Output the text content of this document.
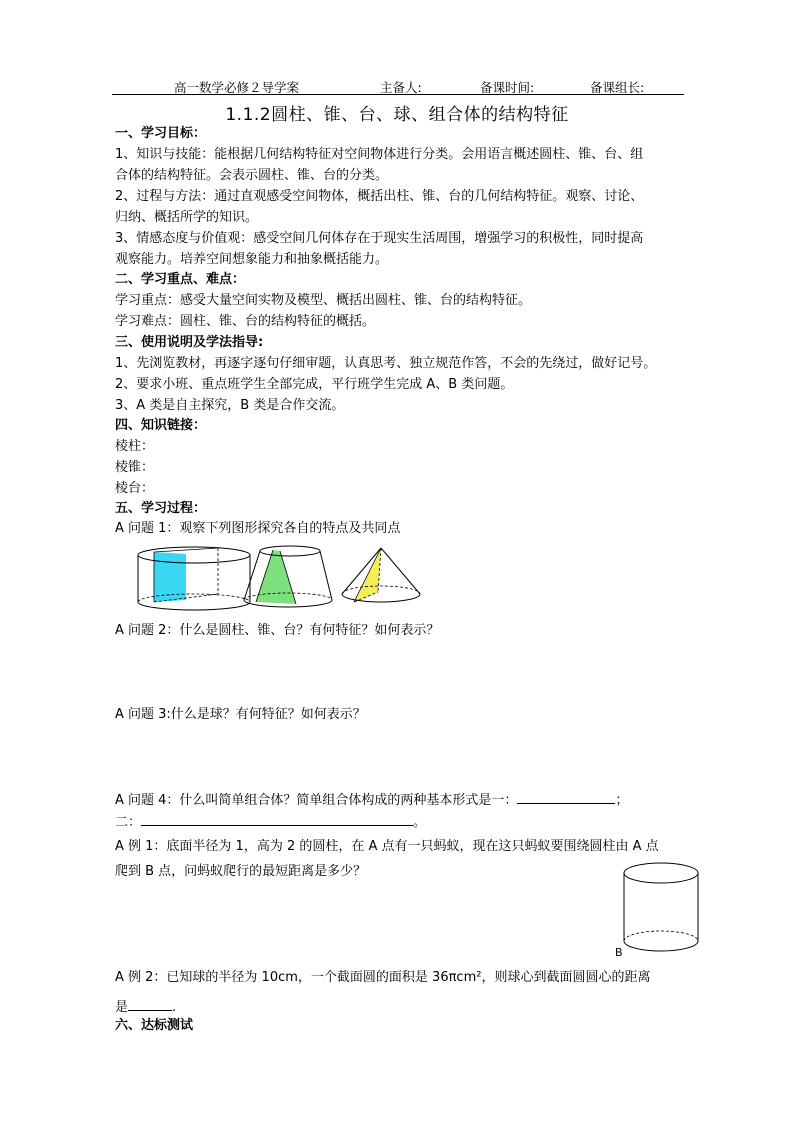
高一数学必修２导学案	主备人:	备课时间:	备课组长:
1.1.2圆柱、锥、台、球、组合体的结构特征
一、学习目标：
1、知识与技能：能根据几何结构特征对空间物体进行分类。会用语言概述圆柱、锥、台、组
合体的结构特征。会表示圆柱、锥、台的分类。
2、过程与方法：通过直观感受空间物体，概括出柱、锥、台的几何结构特征。观察、讨论、
归纳、概括所学的知识。
3、情感态度与价值观：感受空间几何体存在于现实生活周围，增强学习的积极性，同时提高
观察能力。培养空间想象能力和抽象概括能力。
二、学习重点、难点：
学习重点：感受大量空间实物及模型、概括出圆柱、锥、台的结构特征。
学习难点：圆柱、锥、台的结构特征的概括。
三、使用说明及学法指导:
1、先浏览教材，再逐字逐句仔细审题，认真思考、独立规范作答，不会的先绕过，做好记号。
2、要求小班、重点班学生全部完成，平行班学生完成 A、B 类问题。
3、A 类是自主探究，B 类是合作交流。
四、知识链接：
棱柱：
棱锥：
棱台：
五、学习过程：
A 问题 1：观察下列图形探究各自的特点及共同点
A 问题 2：什么是圆柱、锥、台？有何特征？如何表示？
A 问题 3:什么是球？有何特征？如何表示？
A 问题 4：什么叫简单组合体？简单组合体构成的两种基本形式是一：	；
二：	。
A 例 1：底面半径为 1，高为 2 的圆柱，在 A 点有一只蚂蚁，现在这只蚂蚁要围绕圆柱由 A 点
爬到 B 点，问蚂蚁爬行的最短距离是多少？
B
A 例 2：已知球的半径为 10cm，一个截面圆的面积是 36πcm²，则球心到截面圆圆心的距离
是	.
六、达标测试
